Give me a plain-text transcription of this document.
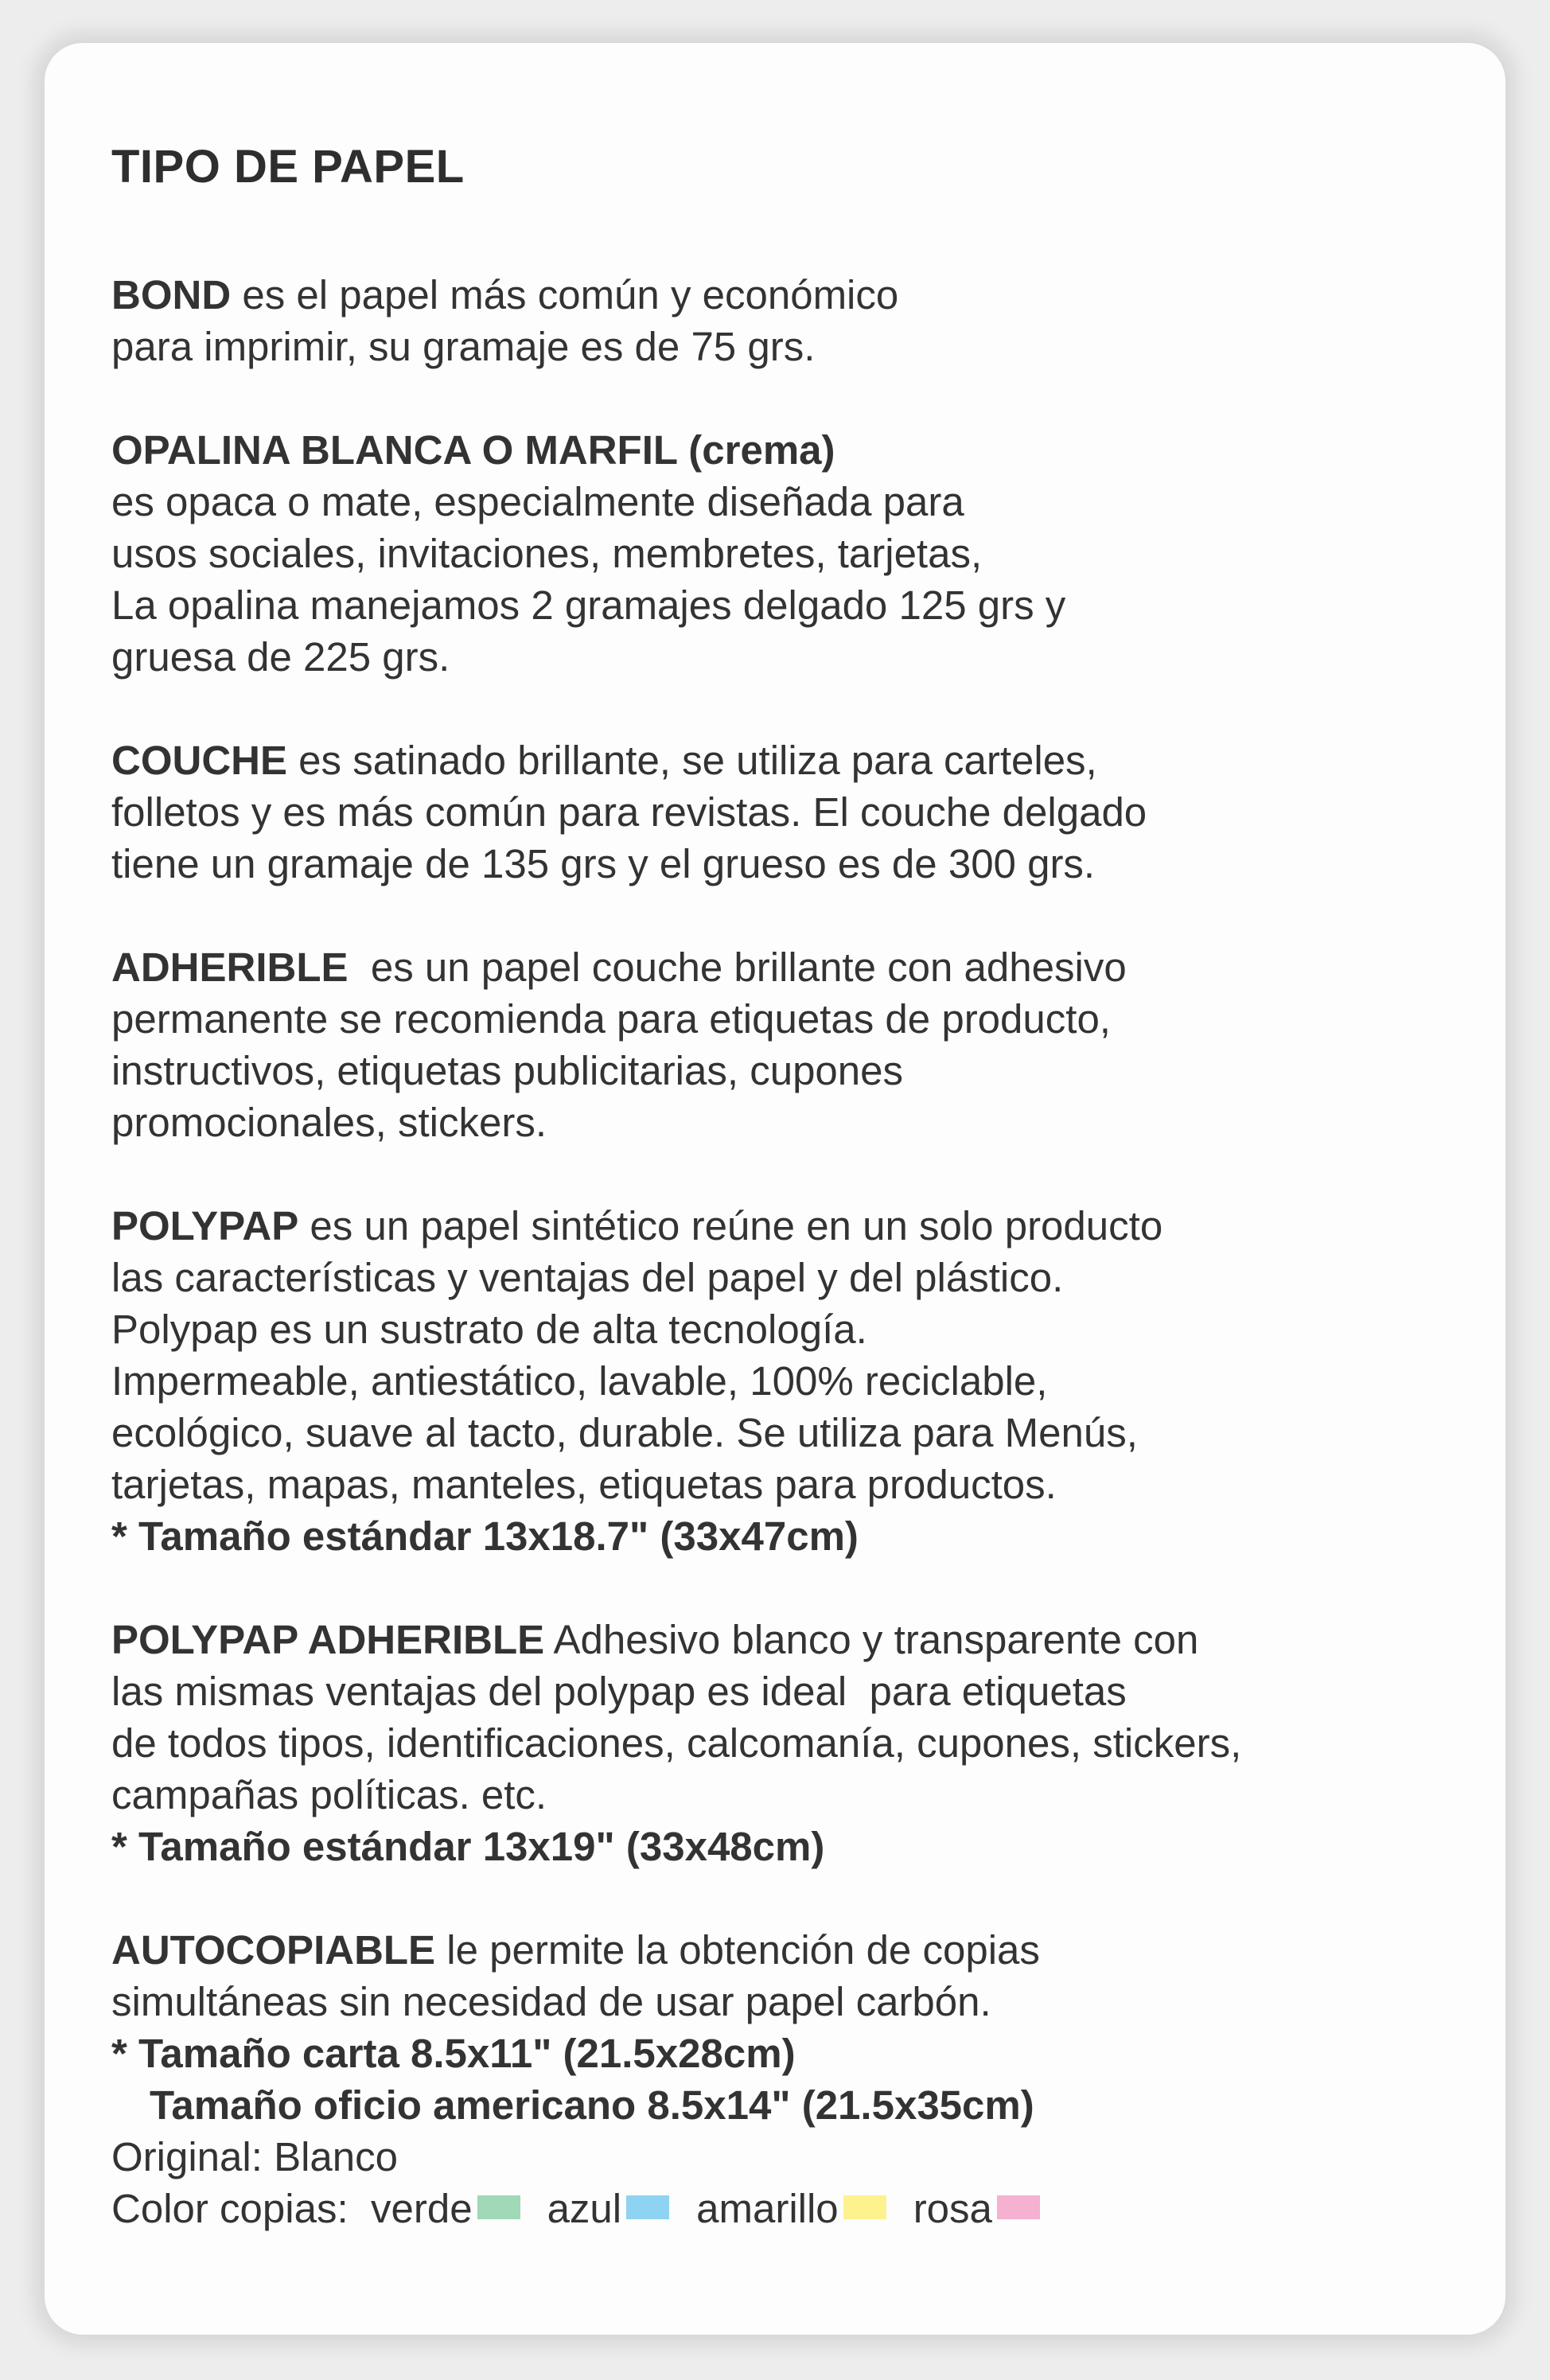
TIPO DE PAPEL
BOND es el papel más común y económico
para imprimir, su gramaje es de 75 grs.
OPALINA BLANCA O MARFIL (crema)
es opaca o mate, especialmente diseñada para
usos sociales, invitaciones, membretes, tarjetas,
La opalina manejamos 2 gramajes delgado 125 grs y
gruesa de 225 grs.
COUCHE es satinado brillante, se utiliza para carteles,
folletos y es más común para revistas. El couche delgado
tiene un gramaje de 135 grs y el grueso es de 300 grs.
ADHERIBLE  es un papel couche brillante con adhesivo
permanente se recomienda para etiquetas de producto,
instructivos, etiquetas publicitarias, cupones
promocionales, stickers.
POLYPAP es un papel sintético reúne en un solo producto
las características y ventajas del papel y del plástico.
Polypap es un sustrato de alta tecnología.
Impermeable, antiestático, lavable, 100% reciclable,
ecológico, suave al tacto, durable. Se utiliza para Menús,
tarjetas, mapas, manteles, etiquetas para productos.
* Tamaño estándar 13x18.7" (33x47cm)
POLYPAP ADHERIBLE Adhesivo blanco y transparente con
las mismas ventajas del polypap es ideal  para etiquetas
de todos tipos, identificaciones, calcomanía, cupones, stickers,
campañas políticas. etc.
* Tamaño estándar 13x19" (33x48cm)
AUTOCOPIABLE le permite la obtención de copias
simultáneas sin necesidad de usar papel carbón.
* Tamaño carta 8.5x11" (21.5x28cm)
Tamaño oficio americano 8.5x14" (21.5x35cm)
Original: Blanco
Color copias:  verde azul amarillo rosa
